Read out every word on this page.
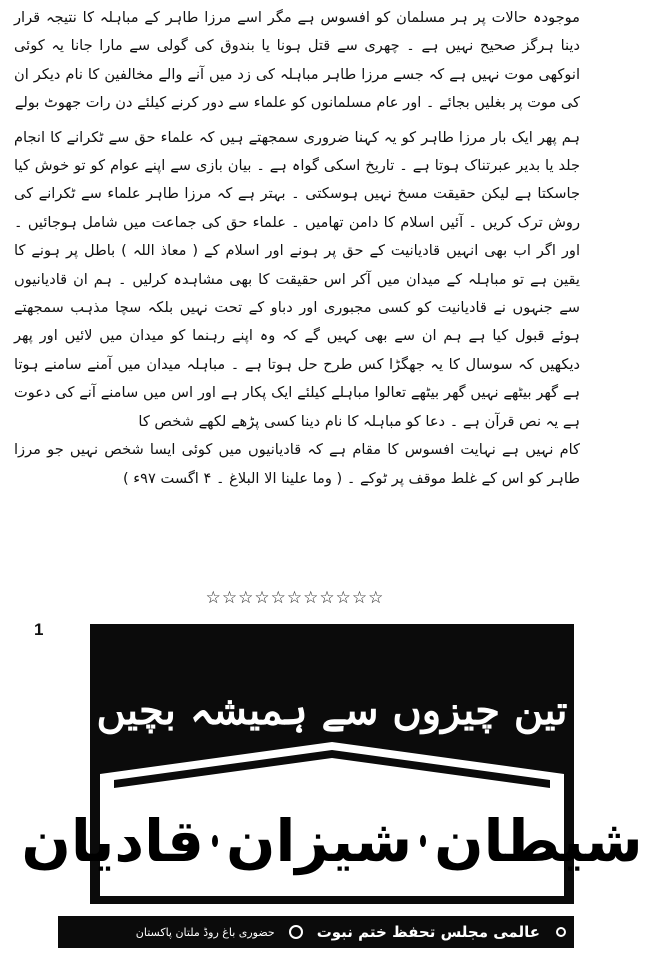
موجودہ حالات پر ہر مسلمان کو افسوس ہے مگر اسے مرزا طاہر کے مباہلہ کا نتیجہ قرار دینا ہرگز صحیح نہیں ہے ۔ چھری سے قتل ہونا یا بندوق کی گولی سے مارا جانا یہ کوئی انوکھی موت نہیں ہے کہ جسے مرزا طاہر مباہلہ کی زد میں آنے والے مخالفین کا نام دیکر ان کی موت پر بغلیں بجائے ۔ اور عام مسلمانوں کو علماء سے دور کرنے کیلئے دن رات جھوٹ بولے

ہم پھر ایک بار مرزا طاہر کو یہ کہنا ضروری سمجھتے ہیں کہ علماء حق سے ٹکرانے کا انجام جلد یا بدیر عبرتناک ہوتا ہے ۔ تاریخ اسکی گواہ ہے ۔ بیان بازی سے اپنے عوام کو تو خوش کیا جاسکتا ہے لیکن حقیقت مسخ نہیں ہوسکتی ۔ بہتر ہے کہ مرزا طاہر علماء سے ٹکرانے کی روش ترک کریں ۔ آئیں اسلام کا دامن تھامیں ۔ علماء حق کی جماعت میں شامل ہوجائیں ۔ اور اگر اب بھی انہیں قادیانیت کے حق پر ہونے اور اسلام کے ( معاذ اللہ ) باطل پر ہونے کا یقین ہے تو مباہلہ کے میدان میں آکر اس حقیقت کا بھی مشاہدہ کرلیں ۔ ہم ان قادیانیوں سے جنہوں نے قادیانیت کو کسی مجبوری اور دباو کے تحت نہیں بلکہ سچا مذہب سمجھتے ہوئے قبول کیا ہے ہم ان سے بھی کہیں گے کہ وہ اپنے رہنما کو میدان میں لائیں اور پھر دیکھیں کہ سوسال کا یہ جھگڑا کس طرح حل ہوتا ہے ۔ مباہلہ میدان میں آمنے سامنے ہوتا ہے گھر بیٹھے نہیں گھر بیٹھے تعالوا مباہلے کیلئے ایک پکار ہے اور اس میں سامنے آنے کی دعوت ہے یہ نص قرآن ہے ۔ دعا کو مباہلہ کا نام دینا کسی پڑھے لکھے شخص کا

کام نہیں ہے نہایت افسوس کا مقام ہے کہ قادیانیوں میں کوئی ایسا شخص نہیں جو مرزا طاہر کو اس کے غلط موقف پر ٹوکے ۔ ( وما علینا الا البلاغ ۔ ۴ اگست ۹۷ء )

☆☆☆☆☆☆☆☆☆☆☆
1
تین چیزوں سے ہمیشہ بچیں
شیطان
شیزان
قادیان
عالمی مجلس تحفظ ختم نبوت
حضوری باغ روڈ ملتان پاکستان
